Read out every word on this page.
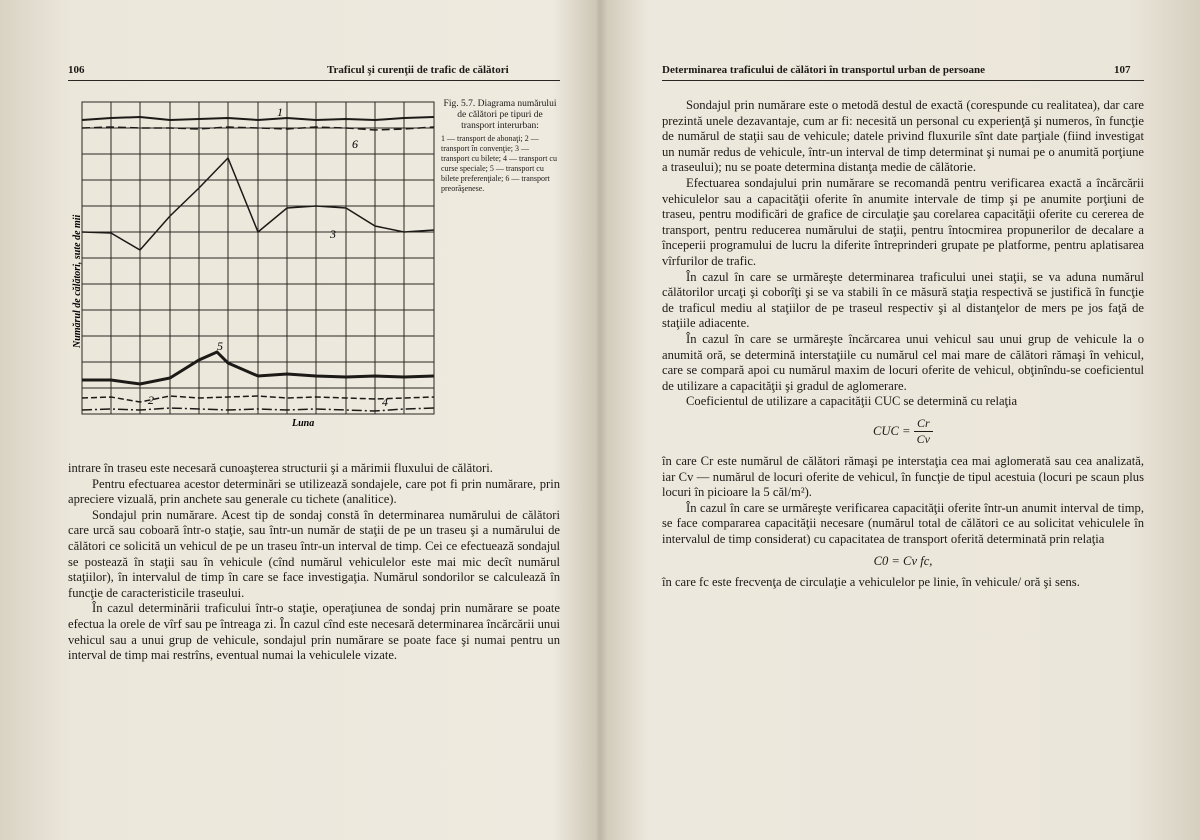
106	Traficul şi curenţii de trafic de călători
1
6
3
5
2	4
Numărul de călători, sute de mii
Luna
Fig. 5.7. Diagrama numărului de călători pe tipuri de transport interurban:
1 — transport de abonaţi; 2 — transport în convenţie; 3 — transport cu bilete; 4 — transport cu curse speciale; 5 — transport cu bilete preferenţiale; 6 — transport preorăşenese.

intrare în traseu este necesară cunoaşterea structurii şi a mărimii fluxului de călători.

Pentru efectuarea acestor determinări se utilizează sondajele, care pot fi prin numărare, prin apreciere vizuală, prin anchete sau generale cu tichete (analitice).

Sondajul prin numărare. Acest tip de sondaj constă în determinarea numărului de călători care urcă sau coboară într-o staţie, sau într-un număr de staţii de pe un traseu şi a numărului de călători ce solicită un vehicul de pe un traseu într-un interval de timp. Cei ce efectuează sondajul se postează în staţii sau în vehicule (cînd numărul vehiculelor este mai mic decît numărul staţiilor), în intervalul de timp în care se face investigaţia. Numărul sondorilor se calculează în funcţie de caracteristicile traseului.

În cazul determinării traficului într-o staţie, operaţiunea de sondaj prin numărare se poate efectua la orele de vîrf sau pe întreaga zi. În cazul cînd este necesară determinarea încărcării unui vehicul sau a unui grup de vehicule, sondajul prin numărare se poate face şi numai pentru un interval de timp mai restrîns, eventual numai la vehiculele vizate.

Determinarea traficului de călători în transportul urban de persoane	107

Sondajul prin numărare este o metodă destul de exactă (corespunde cu realitatea), dar care prezintă unele dezavantaje, cum ar fi: necesită un personal cu experienţă şi numeros, în funcţie de numărul de staţii sau de vehicule; datele privind fluxurile sînt date parţiale (fiind investigat un număr redus de vehicule, într-un interval de timp determinat şi numai pe o anumită porţiune a traseului); nu se poate determina distanţa medie de călătorie.

Efectuarea sondajului prin numărare se recomandă pentru verificarea exactă a încărcării vehiculelor sau a capacităţii oferite în anumite intervale de timp şi pe anumite porţiuni de traseu, pentru modificări de grafice de circulaţie şau corelarea capacităţii oferite cu cererea de transport, pentru reducerea numărului de staţii, pentru întocmirea propunerilor de decalare a începerii programului de lucru la diferite întreprinderi grupate pe platforme, pentru aplatisarea vîrfurilor de trafic.

În cazul în care se urmăreşte determinarea traficului unei staţii, se va aduna numărul călătorilor urcaţi şi coborîţi şi se va stabili în ce măsură staţia respectivă se justifică în funcţie de traficul mediu al staţiilor de pe traseul respectiv şi al distanţelor de mers pe jos faţă de staţiile adiacente.

În cazul în care se urmăreşte încărcarea unui vehicul sau unui grup de vehicule la o anumită oră, se determină interstaţiile cu numărul cel mai mare de călători rămaşi în vehicul, care se compară apoi cu numărul maxim de locuri oferite de vehicul, obţinîndu-se coeficientul de utilizare a capacităţii şi gradul de aglomerare.

Coeficientul de utilizare a capacităţii CUC se determină cu relaţia

CUC = $\frac{Cr}{Cv}$

în care Cr este numărul de călători rămaşi pe interstaţia cea mai aglomerată sau cea analizată, iar Cv — numărul de locuri oferite de vehicul, în funcţie de tipul acestuia (locuri pe scaun plus locuri în picioare la 5 căl/m²).

În cazul în care se urmăreşte verificarea capacităţii oferite într-un anumit interval de timp, se face compararea capacităţii necesare (numărul total de călători ce au solicitat vehiculele în intervalul de timp considerat) cu capacitatea de transport oferită determinată prin relaţia

C0 = Cv fc,

în care fc este frecvenţa de circulaţie a vehiculelor pe linie, în vehicule/ oră şi sens.
